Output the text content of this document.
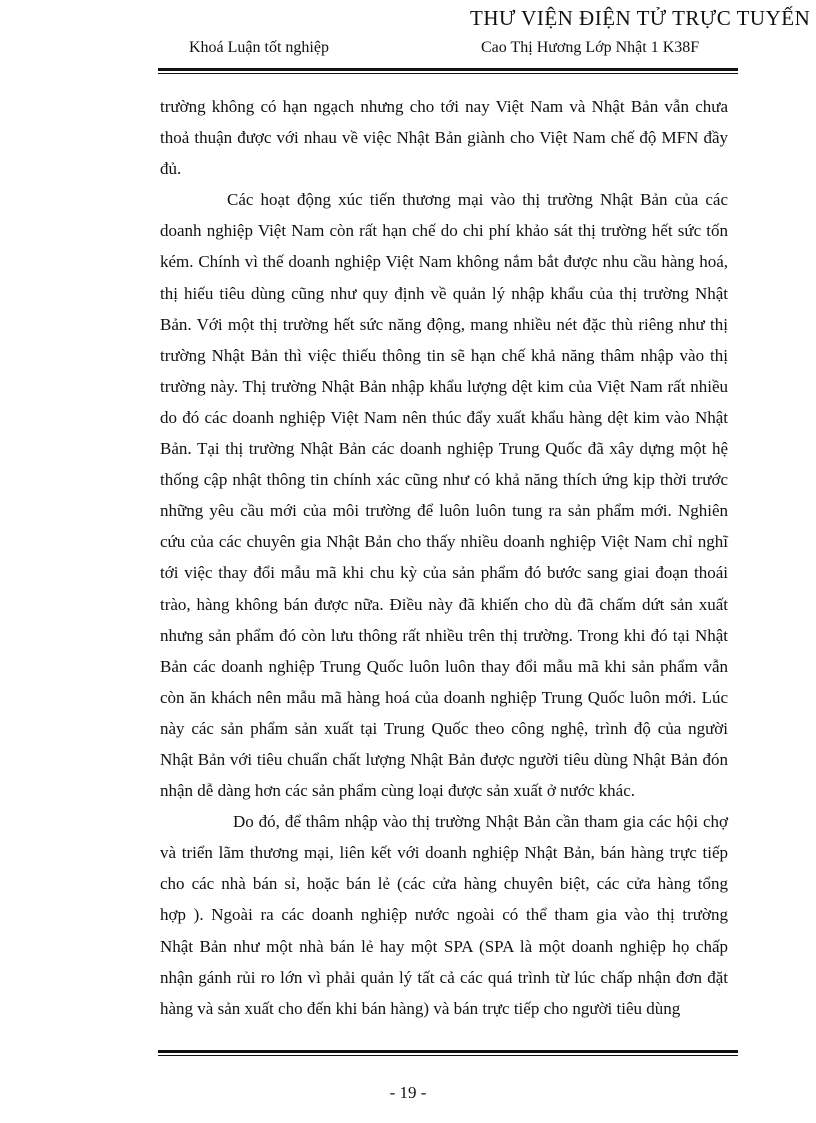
THƯ VIỆN ĐIỆN TỬ TRỰC TUYẾN
Khoá Luận tốt nghiệp	Cao Thị Hương Lớp Nhật 1 K38F
trường không có hạn ngạch nhưng cho tới nay Việt Nam và Nhật Bản vẫn chưa
thoả thuận được với nhau về việc Nhật Bản giành cho Việt Nam chế độ MFN đầy
đủ.
Các hoạt động xúc tiến thương mại vào thị trường Nhật Bản của các
doanh nghiệp Việt Nam còn rất hạn chế do chi phí khảo sát thị trường hết sức tốn
kém. Chính vì thế doanh nghiệp Việt Nam không nắm bắt được nhu cầu hàng hoá,
thị hiếu tiêu dùng cũng như quy định về quản lý nhập khẩu của thị trường Nhật
Bản. Với một thị trường hết sức năng động, mang nhiều nét đặc thù riêng như thị
trường Nhật Bản thì việc thiếu thông tin sẽ hạn chế khả năng thâm nhập vào thị
trường này. Thị trường Nhật Bản nhập khẩu lượng dệt kim của Việt Nam rất nhiều
do đó các doanh nghiệp Việt Nam nên thúc đẩy xuất khẩu hàng dệt kim vào Nhật
Bản. Tại thị trường Nhật Bản các doanh nghiệp Trung Quốc đã xây dựng một hệ
thống cập nhật thông tin chính xác cũng như có khả năng thích ứng kịp thời trước
những yêu cầu mới của môi trường để luôn luôn tung ra sản phẩm mới. Nghiên
cứu của các chuyên gia Nhật Bản cho thấy nhiều doanh nghiệp Việt Nam chỉ nghĩ
tới việc thay đổi mẫu mã khi chu kỳ của sản phẩm đó bước sang giai đoạn thoái
trào, hàng không bán được nữa. Điều này đã khiến cho dù đã chấm dứt sản xuất
nhưng sản phẩm đó còn lưu thông rất nhiều trên thị trường. Trong khi đó tại Nhật
Bản các doanh nghiệp Trung Quốc luôn luôn thay đổi mẫu mã khi sản phẩm vẫn
còn ăn khách nên mẫu mã hàng hoá của doanh nghiệp Trung Quốc luôn mới. Lúc
này các sản phẩm sản xuất tại Trung Quốc theo công nghệ, trình độ của người
Nhật Bản với tiêu chuẩn chất lượng Nhật Bản được người tiêu dùng Nhật Bản đón
nhận dễ dàng hơn các sản phẩm cùng loại được sản xuất ở nước khác.
Do đó, để thâm nhập vào thị trường Nhật Bản cần tham gia các hội chợ
và triển lãm thương mại, liên kết với doanh nghiệp Nhật Bản, bán hàng trực tiếp
cho các nhà bán sỉ, hoặc bán lẻ (các cửa hàng chuyên biệt, các cửa hàng tổng
hợp ). Ngoài ra các doanh nghiệp nước ngoài có thể tham gia vào thị trường
Nhật Bản như một nhà bán lẻ hay một SPA (SPA là một doanh nghiệp họ chấp
nhận gánh rủi ro lớn vì phải quản lý tất cả các quá trình từ lúc chấp nhận đơn đặt
hàng và sản xuất cho đến khi bán hàng) và bán trực tiếp cho người tiêu dùng
- 19 -
